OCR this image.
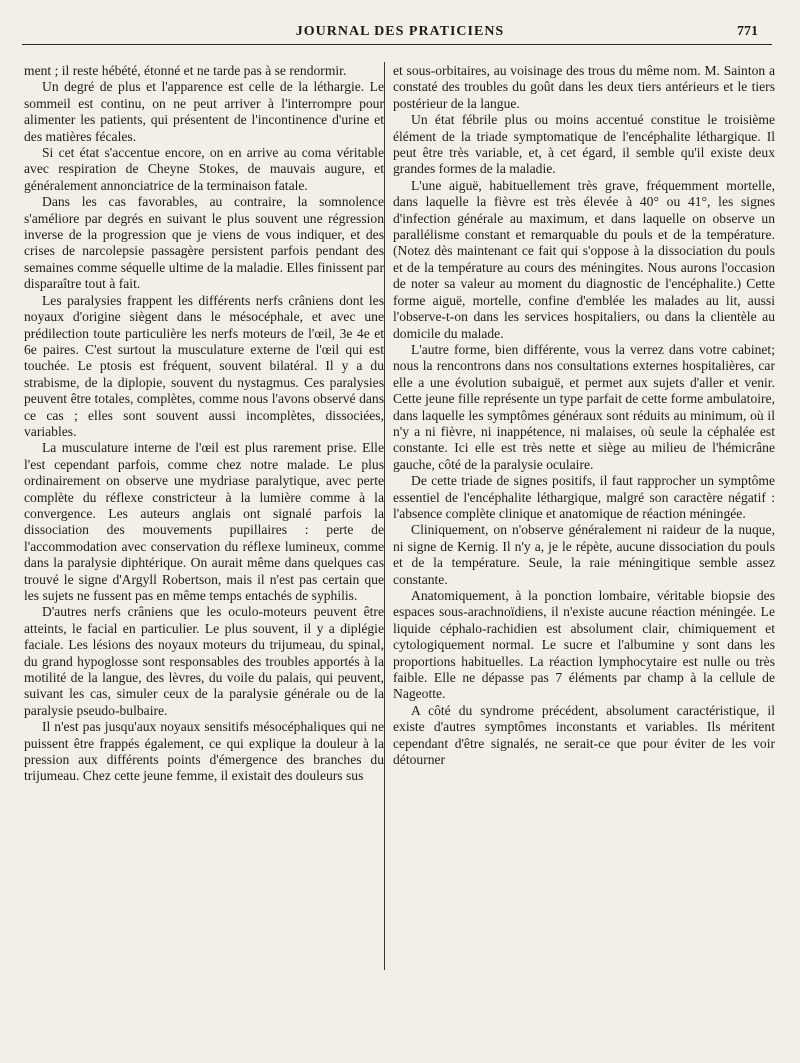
JOURNAL DES PRATICIENS	771

ment ; il reste hébété, étonné et ne tarde pas à se rendormir.

Un degré de plus et l'apparence est celle de la léthargie. Le sommeil est continu, on ne peut arriver à l'interrompre pour alimenter les patients, qui présentent de l'incontinence d'urine et des matières fécales.

Si cet état s'accentue encore, on en arrive au coma véritable avec respiration de Cheyne Stokes, de mauvais augure, et généralement annonciatrice de la terminaison fatale.

Dans les cas favorables, au contraire, la somnolence s'améliore par degrés en suivant le plus souvent une régression inverse de la progression que je viens de vous indiquer, et des crises de narcolepsie passagère persistent parfois pendant des semaines comme séquelle ultime de la maladie. Elles finissent par disparaître tout à fait.

Les paralysies frappent les différents nerfs crâniens dont les noyaux d'origine siègent dans le mésocéphale, et avec une prédilection toute particulière les nerfs moteurs de l'œil, 3e 4e et 6e paires. C'est surtout la musculature externe de l'œil qui est touchée. Le ptosis est fréquent, souvent bilatéral. Il y a du strabisme, de la diplopie, souvent du nystagmus. Ces paralysies peuvent être totales, complètes, comme nous l'avons observé dans ce cas ; elles sont souvent aussi incomplètes, dissociées, variables.

La musculature interne de l'œil est plus rarement prise. Elle l'est cependant parfois, comme chez notre malade. Le plus ordinairement on observe une mydriase paralytique, avec perte complète du réflexe constricteur à la lumière comme à la convergence. Les auteurs anglais ont signalé parfois la dissociation des mouvements pupillaires : perte de l'accommodation avec conservation du réflexe lumineux, comme dans la paralysie diphtérique. On aurait même dans quelques cas trouvé le signe d'Argyll Robertson, mais il n'est pas certain que les sujets ne fussent pas en même temps entachés de syphilis.

D'autres nerfs crâniens que les oculo-moteurs peuvent être atteints, le facial en particulier. Le plus souvent, il y a diplégie faciale. Les lésions des noyaux moteurs du trijumeau, du spinal, du grand hypoglosse sont responsables des troubles apportés à la motilité de la langue, des lèvres, du voile du palais, qui peuvent, suivant les cas, simuler ceux de la paralysie générale ou de la paralysie pseudo-bulbaire.

Il n'est pas jusqu'aux noyaux sensitifs mésocéphaliques qui ne puissent être frappés également, ce qui explique la douleur à la pression aux différents points d'émergence des branches du trijumeau. Chez cette jeune femme, il existait des douleurs sus

et sous-orbitaires, au voisinage des trous du même nom. M. Sainton a constaté des troubles du goût dans les deux tiers antérieurs et le tiers postérieur de la langue.

Un état fébrile plus ou moins accentué constitue le troisième élément de la triade symptomatique de l'encéphalite léthargique. Il peut être très variable, et, à cet égard, il semble qu'il existe deux grandes formes de la maladie.

L'une aiguë, habituellement très grave, fréquemment mortelle, dans laquelle la fièvre est très élevée à 40° ou 41°, les signes d'infection générale au maximum, et dans laquelle on observe un parallélisme constant et remarquable du pouls et de la température. (Notez dès maintenant ce fait qui s'oppose à la dissociation du pouls et de la température au cours des méningites. Nous aurons l'occasion de noter sa valeur au moment du diagnostic de l'encéphalite.) Cette forme aiguë, mortelle, confine d'emblée les malades au lit, aussi l'observe-t-on dans les services hospitaliers, ou dans la clientèle au domicile du malade.

L'autre forme, bien différente, vous la verrez dans votre cabinet; nous la rencontrons dans nos consultations externes hospitalières, car elle a une évolution subaiguë, et permet aux sujets d'aller et venir. Cette jeune fille représente un type parfait de cette forme ambulatoire, dans laquelle les symptômes généraux sont réduits au minimum, où il n'y a ni fièvre, ni inappétence, ni malaises, où seule la céphalée est constante. Ici elle est très nette et siège au milieu de l'hémicrâne gauche, côté de la paralysie oculaire.

De cette triade de signes positifs, il faut rapprocher un symptôme essentiel de l'encéphalite léthargique, malgré son caractère négatif : l'absence complète clinique et anatomique de réaction méningée.

Cliniquement, on n'observe généralement ni raideur de la nuque, ni signe de Kernig. Il n'y a, je le répète, aucune dissociation du pouls et de la température. Seule, la raie méningitique semble assez constante.

Anatomiquement, à la ponction lombaire, véritable biopsie des espaces sous-arachnoïdiens, il n'existe aucune réaction méningée. Le liquide céphalo-rachidien est absolument clair, chimiquement et cytologiquement normal. Le sucre et l'albumine y sont dans les proportions habituelles. La réaction lymphocytaire est nulle ou très faible. Elle ne dépasse pas 7 éléments par champ à la cellule de Nageotte.

A côté du syndrome précédent, absolument caractéristique, il existe d'autres symptômes inconstants et variables. Ils méritent cependant d'être signalés, ne serait-ce que pour éviter de les voir détourner
